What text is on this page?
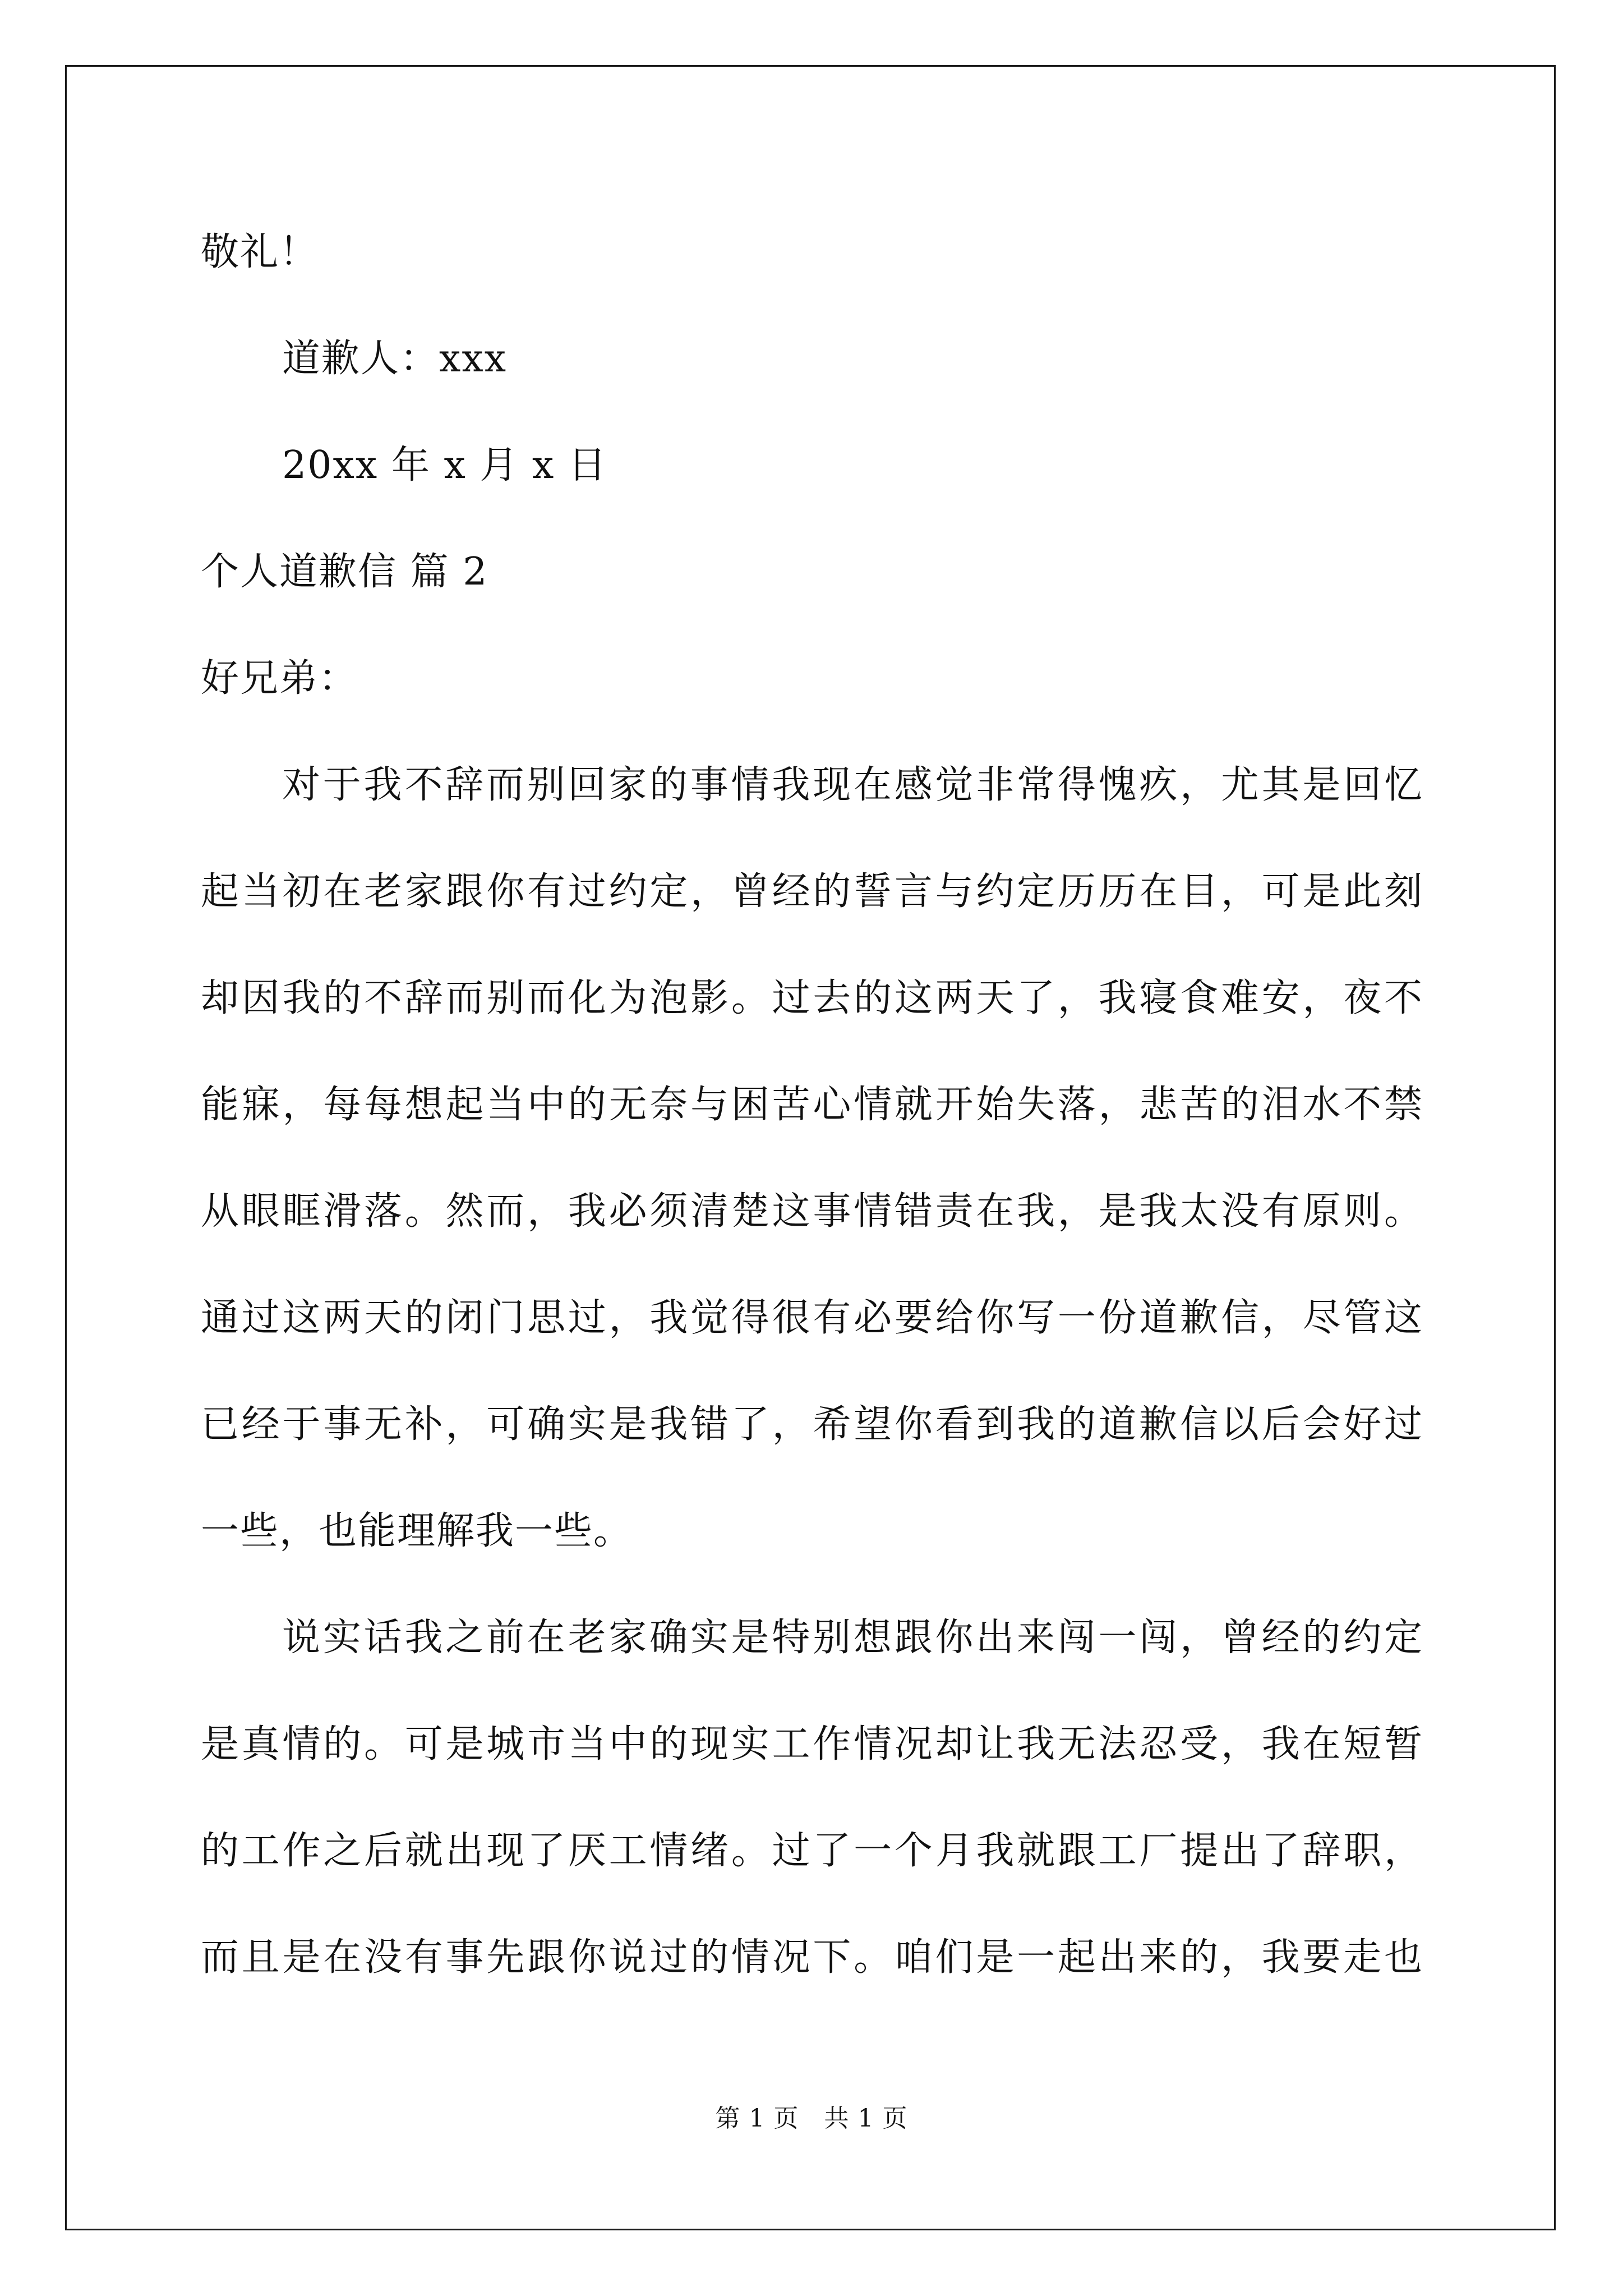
敬礼！
道歉人：xxx
20xx 年 x 月 x 日
个人道歉信 篇 2
好兄弟：
对于我不辞而别回家的事情我现在感觉非常得愧疚，尤其是回忆
起当初在老家跟你有过约定，曾经的誓言与约定历历在目，可是此刻
却因我的不辞而别而化为泡影。过去的这两天了，我寝食难安，夜不
能寐，每每想起当中的无奈与困苦心情就开始失落，悲苦的泪水不禁
从眼眶滑落。然而，我必须清楚这事情错责在我，是我太没有原则。
通过这两天的闭门思过，我觉得很有必要给你写一份道歉信，尽管这
已经于事无补，可确实是我错了，希望你看到我的道歉信以后会好过
一些，也能理解我一些。
说实话我之前在老家确实是特别想跟你出来闯一闯，曾经的约定
是真情的。可是城市当中的现实工作情况却让我无法忍受，我在短暂
的工作之后就出现了厌工情绪。过了一个月我就跟工厂提出了辞职，
而且是在没有事先跟你说过的情况下。咱们是一起出来的，我要走也
第 1 页　共 1 页
